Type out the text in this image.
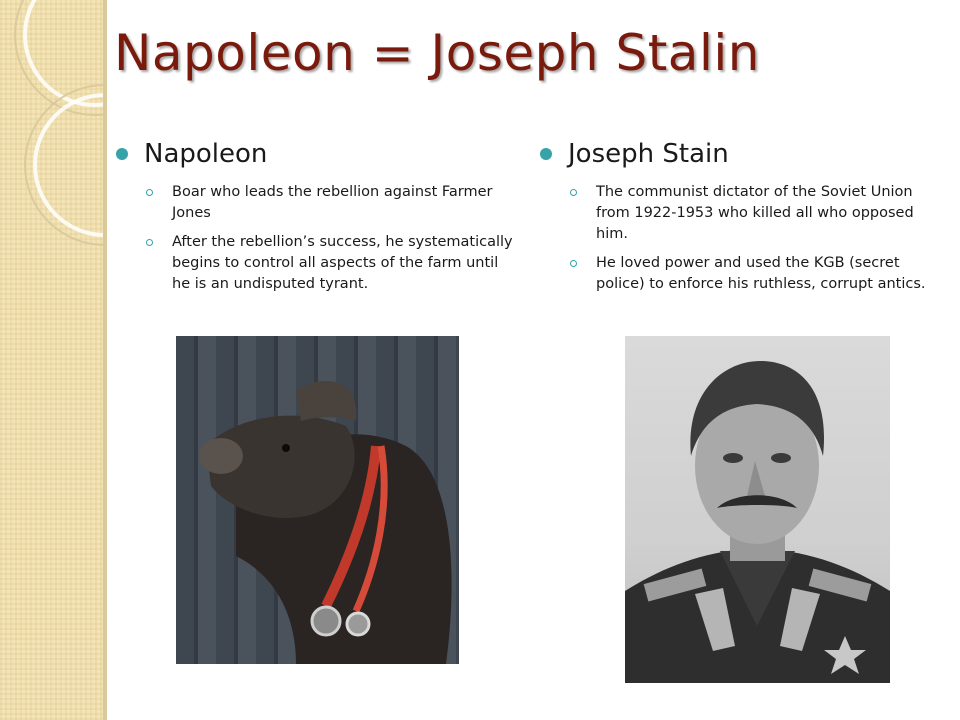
Napoleon = Joseph Stalin
Napoleon
Boar who leads the rebellion against Farmer Jones
After the rebellion’s success, he systematically begins to control all aspects of the farm until he is an undisputed tyrant.
Joseph Stain
The communist dictator of the Soviet Union from 1922-1953 who killed all who opposed him.
He loved power and used the KGB (secret police) to enforce his ruthless, corrupt antics.
